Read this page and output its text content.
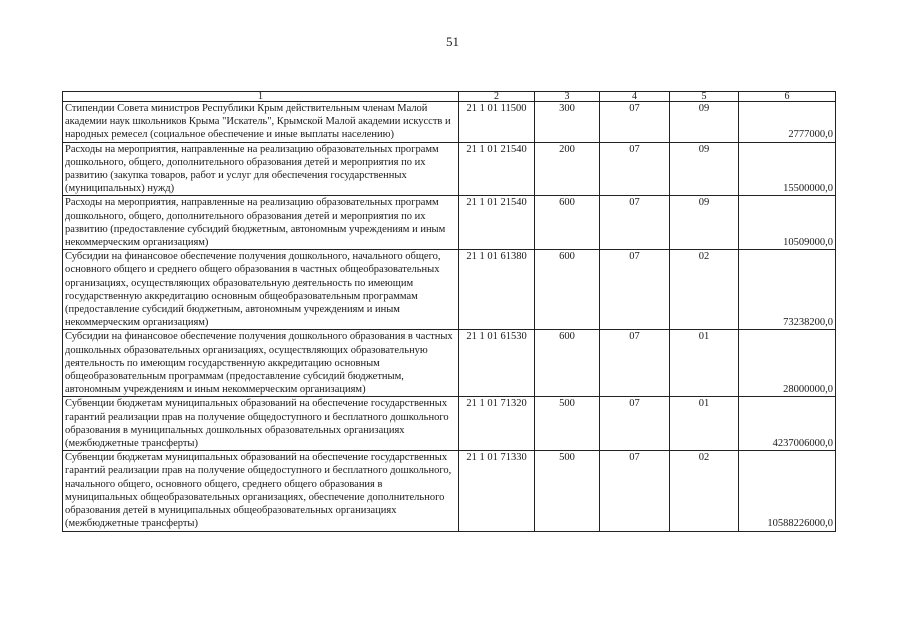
51
1	2	3	4	5	6
Стипендии Совета министров Республики Крым действительным членам Малой академии наук школьников Крыма "Искатель", Крымской Малой академии искусств и народных ремесел (социальное обеспечение и иные выплаты населению)	21 1 01 11500	300	07	09	2777000,0
Расходы на мероприятия, направленные на реализацию образовательных программ дошкольного, общего, дополнительного образования детей и мероприятия по их развитию (закупка товаров, работ и услуг для обеспечения государственных (муниципальных) нужд)	21 1 01 21540	200	07	09	15500000,0
Расходы на мероприятия, направленные на реализацию образовательных программ дошкольного, общего, дополнительного образования детей и мероприятия по их развитию (предоставление субсидий бюджетным, автономным учреждениям и иным некоммерческим организациям)	21 1 01 21540	600	07	09	10509000,0
Субсидии на финансовое обеспечение получения дошкольного, начального общего, основного общего и среднего общего образования в частных общеобразовательных организациях, осуществляющих образовательную деятельность по имеющим государственную аккредитацию основным общеобразовательным программам (предоставление субсидий бюджетным, автономным учреждениям и иным некоммерческим организациям)	21 1 01 61380	600	07	02	73238200,0
Субсидии на финансовое обеспечение получения дошкольного образования в частных дошкольных образовательных организациях, осуществляющих образовательную деятельность по имеющим государственную аккредитацию основным общеобразовательным программам (предоставление субсидий бюджетным, автономным учреждениям и иным некоммерческим организациям)	21 1 01 61530	600	07	01	28000000,0
Субвенции бюджетам муниципальных образований на обеспечение государственных гарантий реализации прав на получение общедоступного и бесплатного дошкольного образования в муниципальных дошкольных образовательных организациях (межбюджетные трансферты)	21 1 01 71320	500	07	01	4237006000,0
Субвенции бюджетам муниципальных образований на обеспечение государственных гарантий реализации прав на получение общедоступного и бесплатного дошкольного, начального общего, основного общего, среднего общего образования в муниципальных общеобразовательных организациях, обеспечение дополнительного образования детей в муниципальных общеобразовательных организациях (межбюджетные трансферты)	21 1 01 71330	500	07	02	10588226000,0
